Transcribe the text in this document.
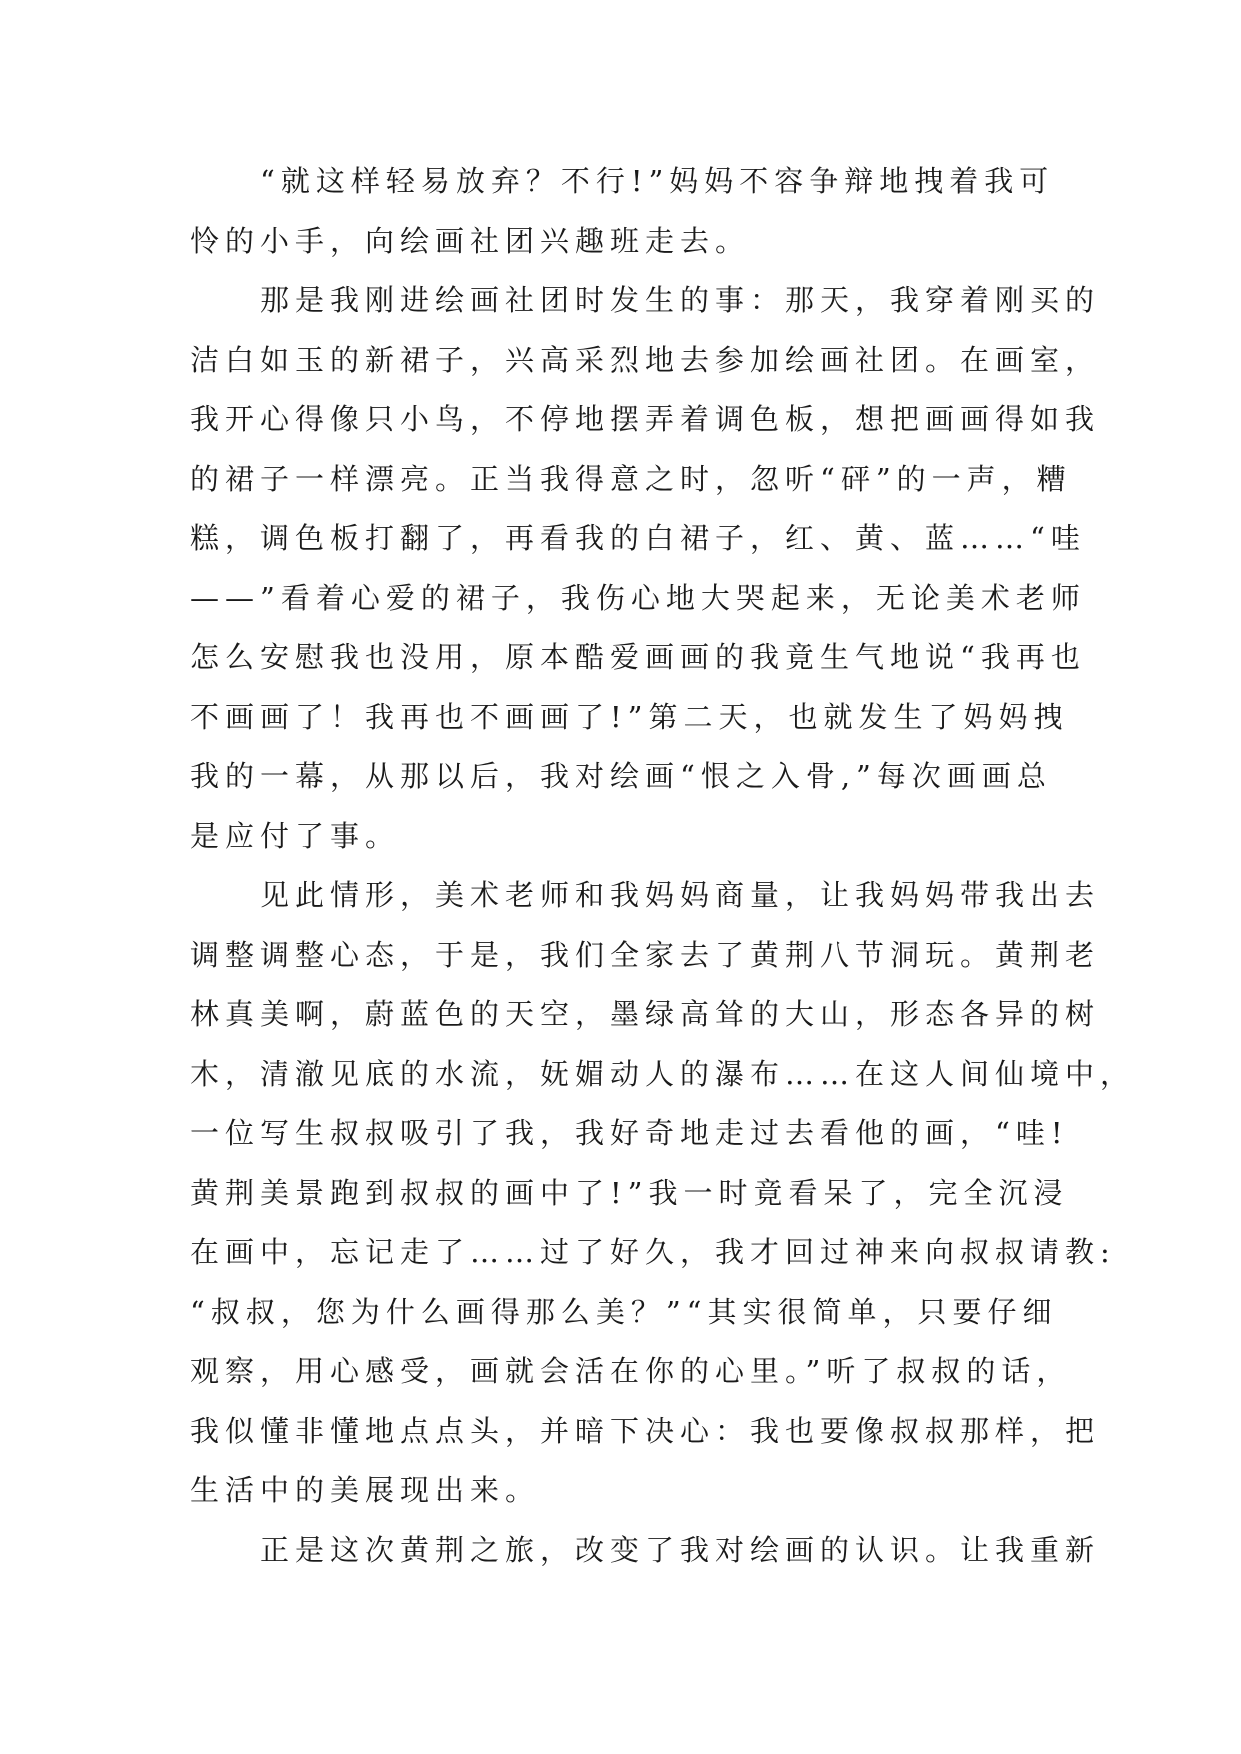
“就这样轻易放弃？不行!”妈妈不容争辩地拽着我可
怜的小手，向绘画社团兴趣班走去。
那是我刚进绘画社团时发生的事：那天，我穿着刚买的
洁白如玉的新裙子，兴高采烈地去参加绘画社团。在画室，
我开心得像只小鸟，不停地摆弄着调色板，想把画画得如我
的裙子一样漂亮。正当我得意之时，忽听“砰”的一声，糟
糕，调色板打翻了，再看我的白裙子，红、黄、蓝……“哇
——”看着心爱的裙子，我伤心地大哭起来，无论美术老师
怎么安慰我也没用，原本酷爱画画的我竟生气地说“我再也
不画画了！我再也不画画了!”第二天，也就发生了妈妈拽
我的一幕，从那以后，我对绘画“恨之入骨,”每次画画总
是应付了事。
见此情形，美术老师和我妈妈商量，让我妈妈带我出去
调整调整心态，于是，我们全家去了黄荆八节洞玩。黄荆老
林真美啊，蔚蓝色的天空，墨绿高耸的大山，形态各异的树
木，清澈见底的水流，妩媚动人的瀑布……在这人间仙境中，
一位写生叔叔吸引了我，我好奇地走过去看他的画，“哇!
黄荆美景跑到叔叔的画中了!”我一时竟看呆了，完全沉浸
在画中，忘记走了……过了好久，我才回过神来向叔叔请教:
“叔叔，您为什么画得那么美？”“其实很简单，只要仔细
观察，用心感受，画就会活在你的心里。”听了叔叔的话，
我似懂非懂地点点头，并暗下决心：我也要像叔叔那样，把
生活中的美展现出来。
正是这次黄荆之旅，改变了我对绘画的认识。让我重新
